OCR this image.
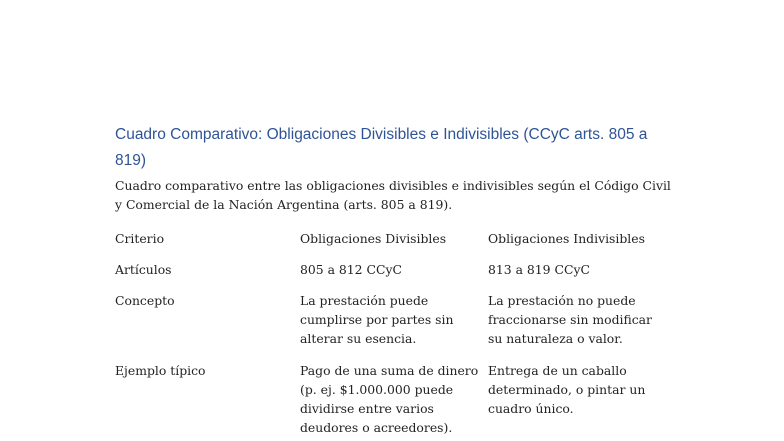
Cuadro Comparativo: Obligaciones Divisibles e Indivisibles (CCyC arts. 805 a 819)

Cuadro comparativo entre las obligaciones divisibles e indivisibles según el Código Civil y Comercial de la Nación Argentina (arts. 805 a 819).

Criterio	Obligaciones Divisibles	Obligaciones Indivisibles
Artículos	805 a 812 CCyC	813 a 819 CCyC
Concepto	La prestación puede cumplirse por partes sin alterar su esencia.	La prestación no puede fraccionarse sin modificar su naturaleza o valor.
Ejemplo típico	Pago de una suma de dinero (p. ej. $1.000.000 puede dividirse entre varios deudores o acreedores).	Entrega de un caballo determinado, o pintar un cuadro único.
